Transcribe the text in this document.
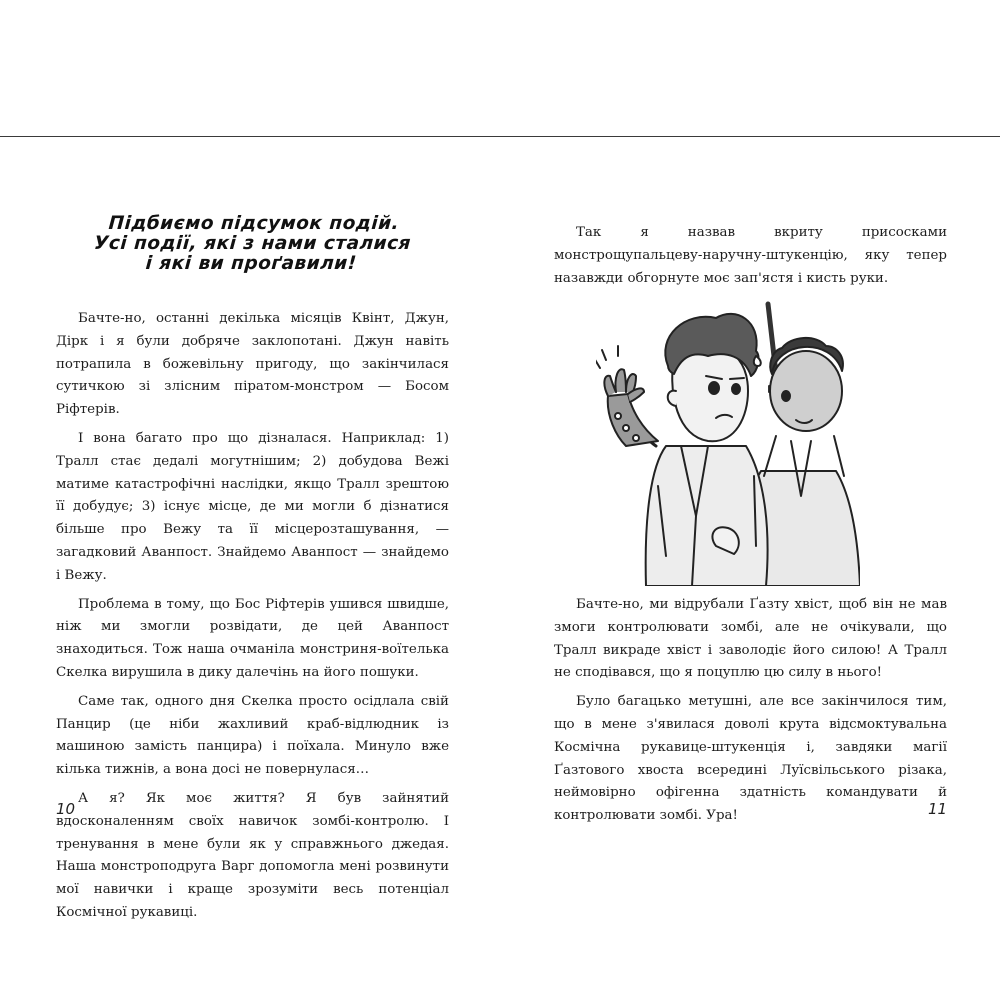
Підбиємо підсумок подій.
Усі події, які з нами сталися
і які ви проґавили!

Бачте-но, останні декілька місяців Квінт, Джун, Дірк і я були добряче заклопотані. Джун навіть потрапила в божевільну пригоду, що закінчилася сутичкою зі злісним піратом-монстром — Босом Ріфтерів.

І вона багато про що дізналася. Наприклад: 1) Тралл стає дедалі могутнішим; 2) добудова Вежі матиме катастрофічні наслідки, якщо Тралл зрештою її добудує; 3) існує місце, де ми могли б дізнатися більше про Вежу та її місцерозташування, — загадковий Аванпост. Знайдемо Аванпост — знайдемо і Вежу.

Проблема в тому, що Бос Ріфтерів ушився швидше, ніж ми змогли розвідати, де цей Аванпост знаходиться. Тож наша очманіла монстриня-воїтелька Скелка вирушила в дику далечінь на його пошуки.

Саме так, одного дня Скелка просто осідлала свій Панцир (це ніби жахливий краб-відлюдник із машиною замість панцира) і поїхала. Минуло вже кілька тижнів, а вона досі не повернулася…

А я? Як моє життя? Я був зайнятий вдосконаленням своїх навичок зомбі-контролю. І тренування в мене були як у справжнього джедая. Наша монстроподруга Варг допомогла мені розвинути мої навички і краще зрозуміти весь потенціал Космічної рукавиці.

10

Так я назвав вкриту присосками монстрощупальцеву-наручну-штукенцію, яку тепер назавжди обгорнуте моє зап'ястя і кисть руки.

Бачте-но, ми відрубали Ґазту хвіст, щоб він не мав змоги контролювати зомбі, але не очікували, що Тралл викраде хвіст і заволодіє його силою! А Тралл не сподівався, що я поцуплю цю силу в нього!

Було багацько метушні, але все закінчилося тим, що в мене з'явилася доволі крута відсмоктувальна Космічна рукавице-штукенція і, завдяки магії Ґазтового хвоста всередині Луїсвільського різака, неймовірно офігенна здатність командувати й контролювати зомбі. Ура!	11
